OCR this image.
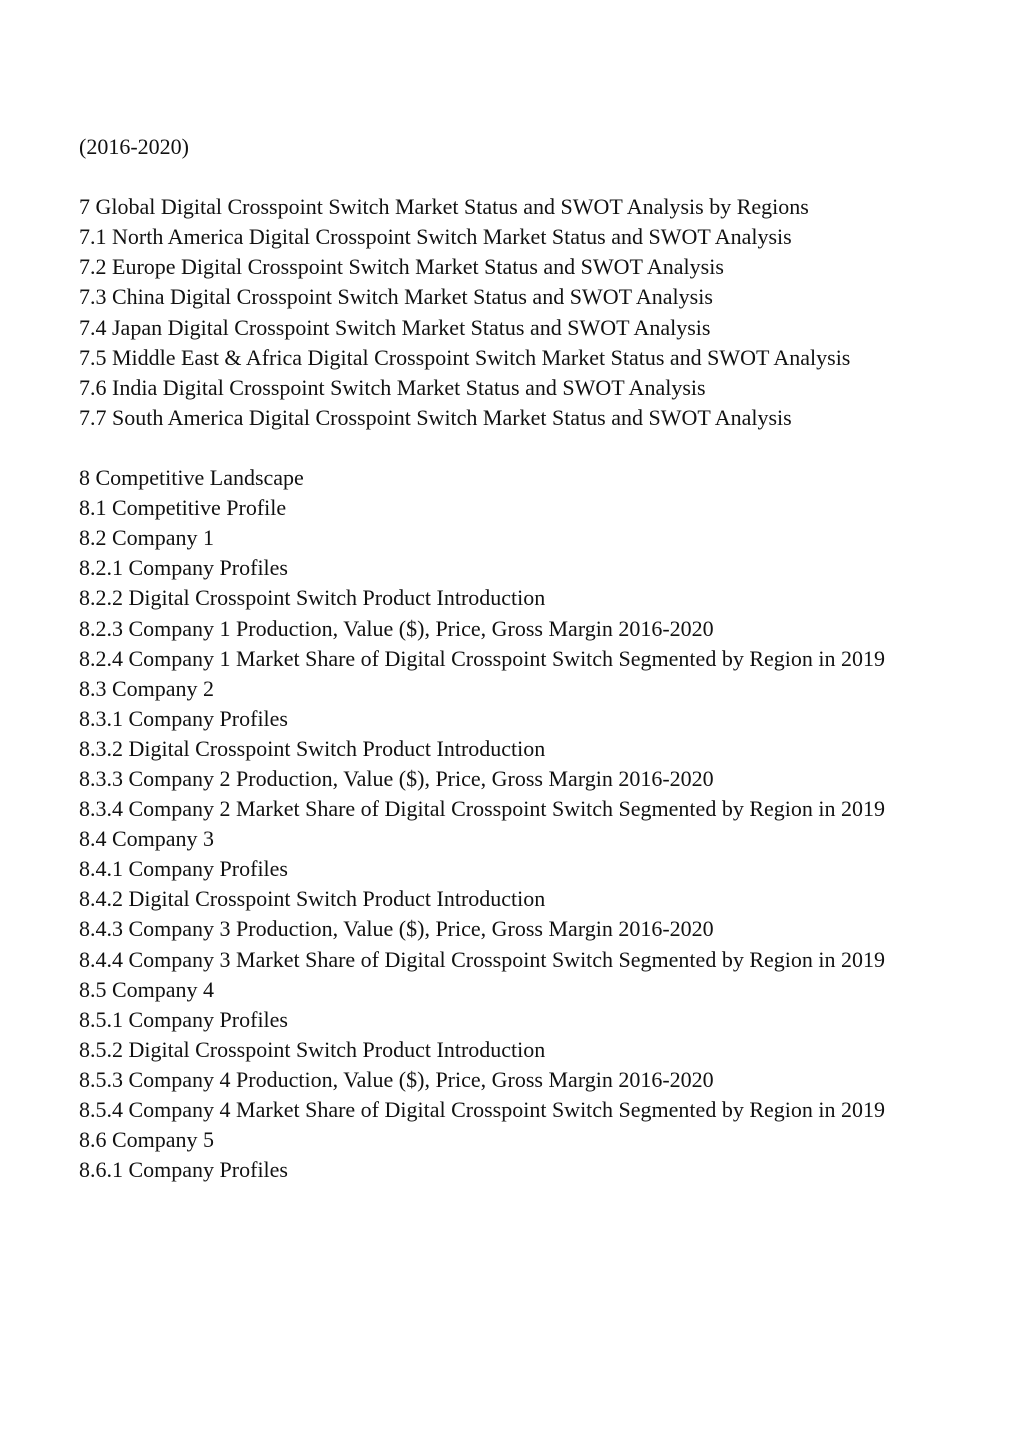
(2016-2020)

7 Global Digital Crosspoint Switch Market Status and SWOT Analysis by Regions

7.1 North America Digital Crosspoint Switch Market Status and SWOT Analysis

7.2 Europe Digital Crosspoint Switch Market Status and SWOT Analysis

7.3 China Digital Crosspoint Switch Market Status and SWOT Analysis

7.4 Japan Digital Crosspoint Switch Market Status and SWOT Analysis

7.5 Middle East & Africa Digital Crosspoint Switch Market Status and SWOT Analysis

7.6 India Digital Crosspoint Switch Market Status and SWOT Analysis

7.7 South America Digital Crosspoint Switch Market Status and SWOT Analysis

8 Competitive Landscape

8.1 Competitive Profile

8.2 Company 1

8.2.1 Company Profiles

8.2.2 Digital Crosspoint Switch Product Introduction

8.2.3 Company 1 Production, Value ($), Price, Gross Margin 2016-2020

8.2.4 Company 1 Market Share of Digital Crosspoint Switch Segmented by Region in 2019

8.3 Company 2

8.3.1 Company Profiles

8.3.2 Digital Crosspoint Switch Product Introduction

8.3.3 Company 2 Production, Value ($), Price, Gross Margin 2016-2020

8.3.4 Company 2 Market Share of Digital Crosspoint Switch Segmented by Region in 2019

8.4 Company 3

8.4.1 Company Profiles

8.4.2 Digital Crosspoint Switch Product Introduction

8.4.3 Company 3 Production, Value ($), Price, Gross Margin 2016-2020

8.4.4 Company 3 Market Share of Digital Crosspoint Switch Segmented by Region in 2019

8.5 Company 4

8.5.1 Company Profiles

8.5.2 Digital Crosspoint Switch Product Introduction

8.5.3 Company 4 Production, Value ($), Price, Gross Margin 2016-2020

8.5.4 Company 4 Market Share of Digital Crosspoint Switch Segmented by Region in 2019

8.6 Company 5

8.6.1 Company Profiles
